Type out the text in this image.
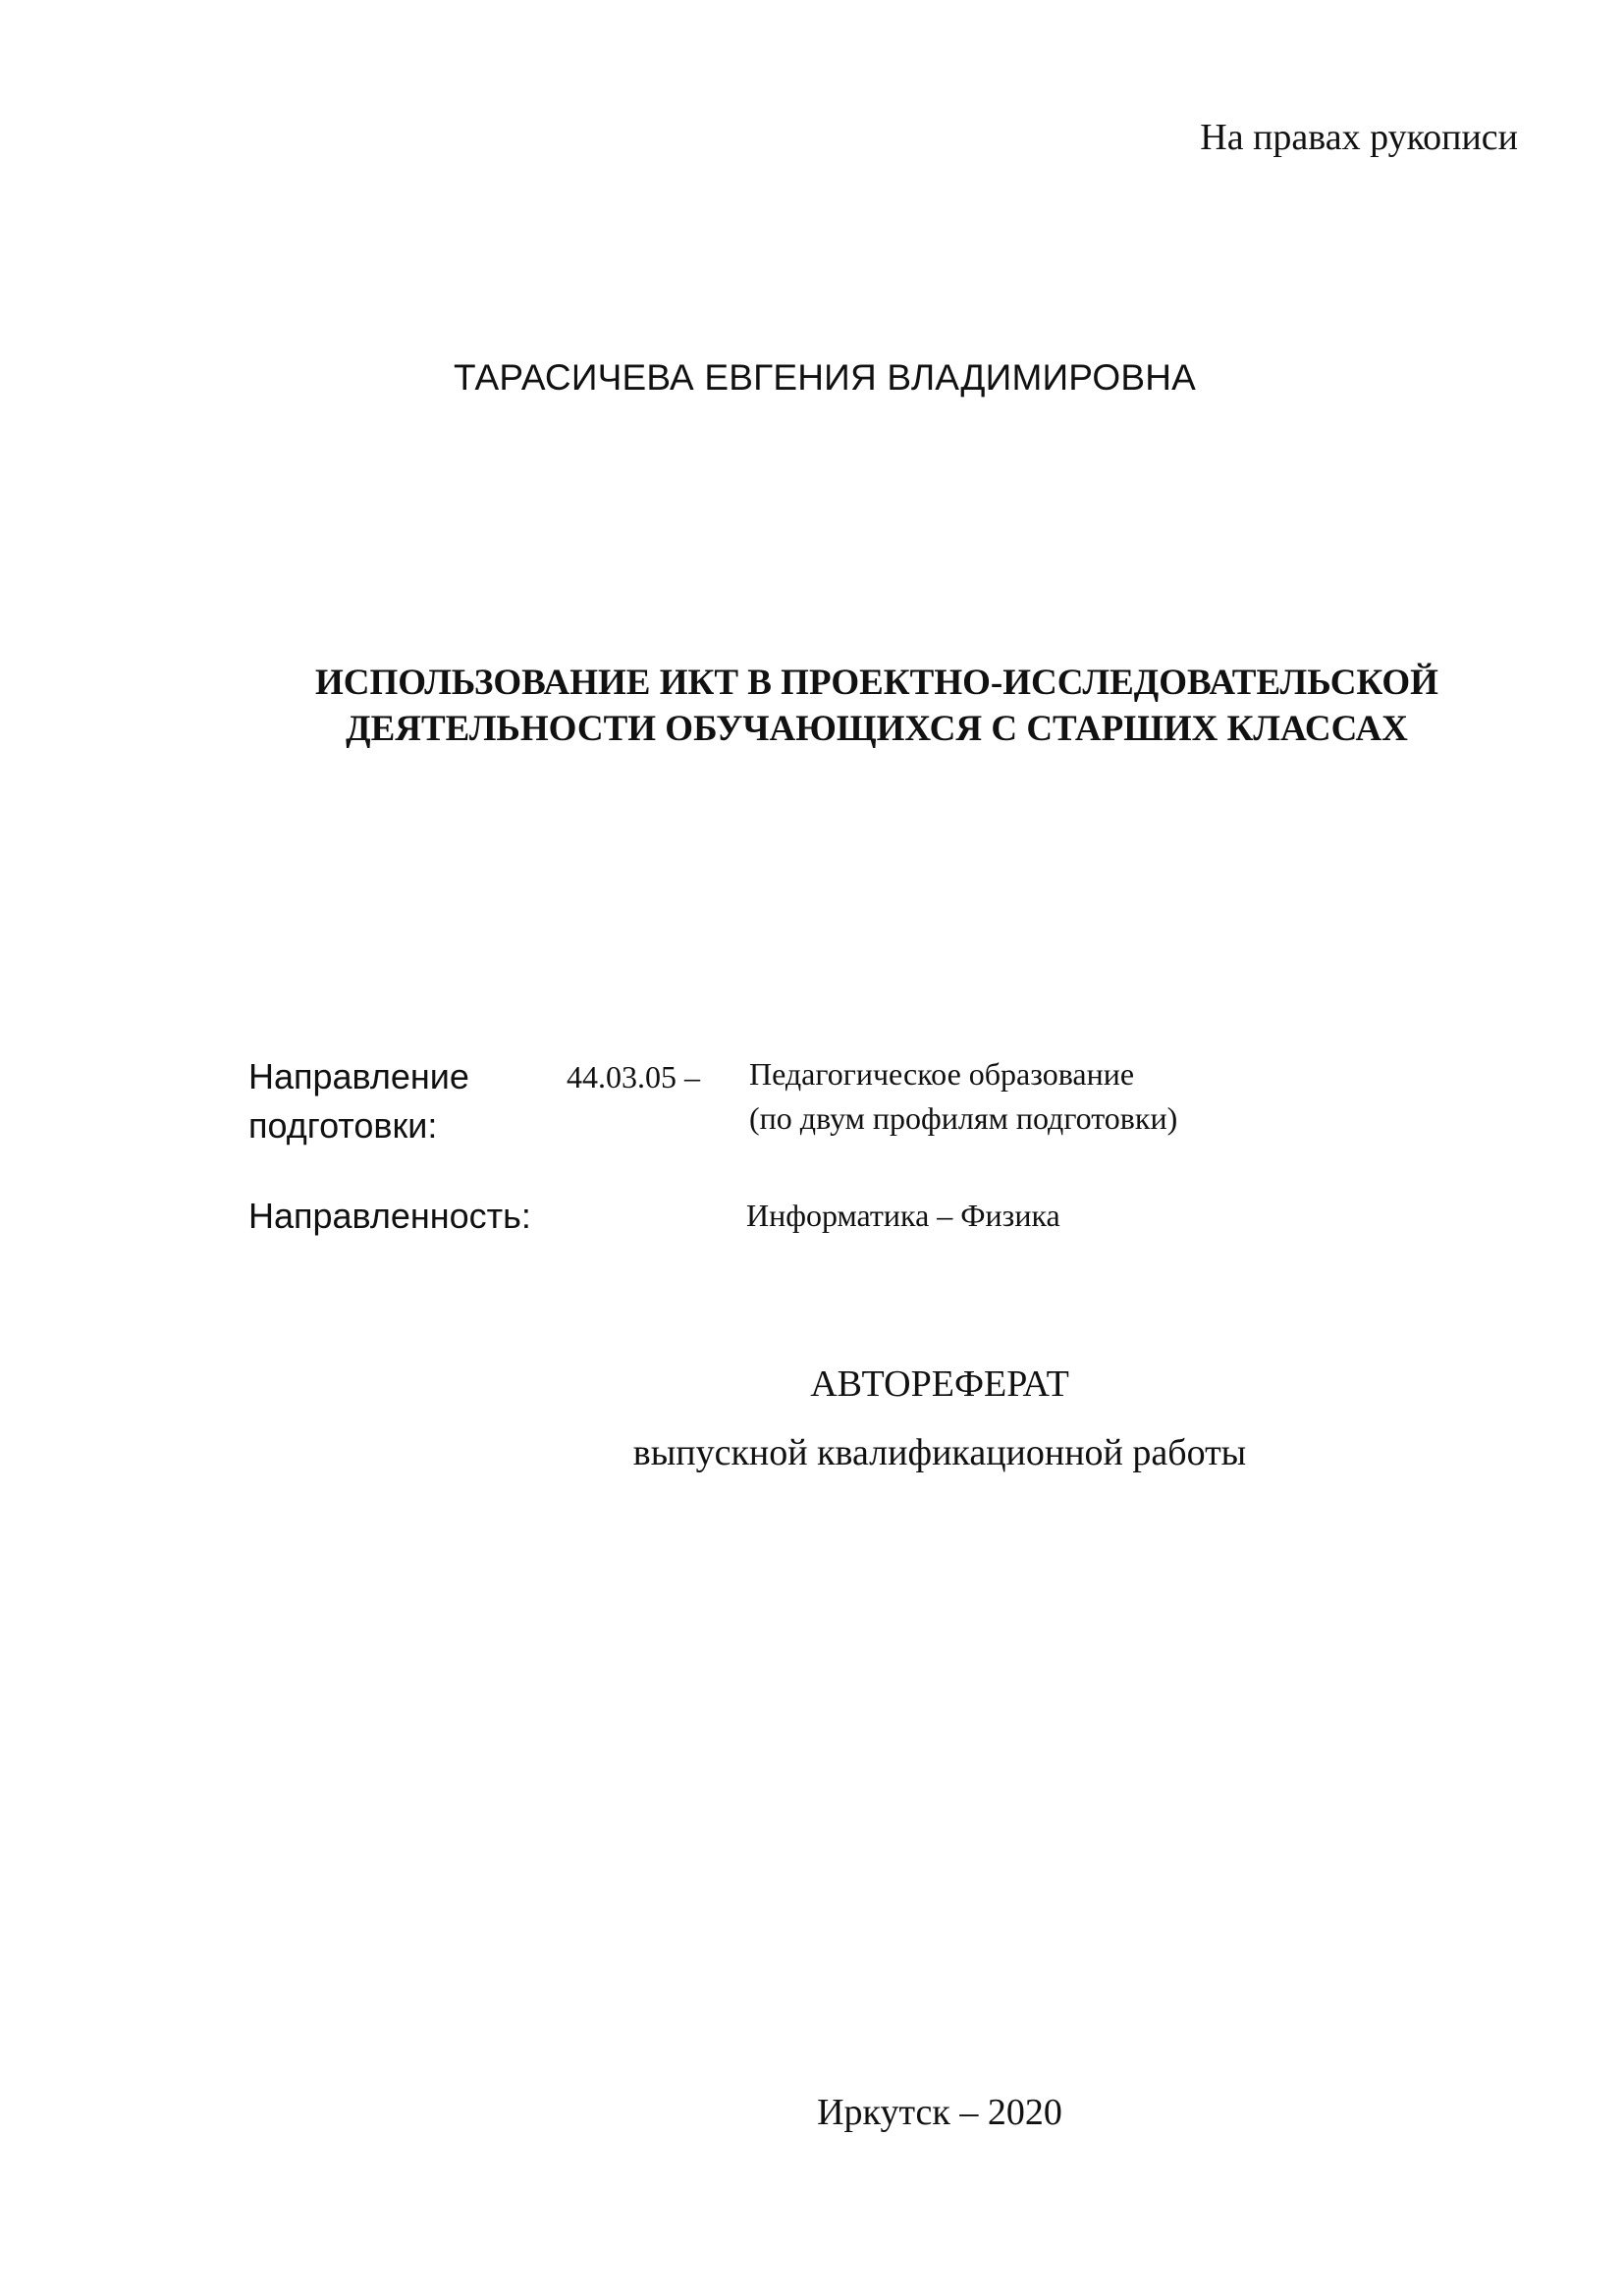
На правах рукописи
ТАРАСИЧЕВА ЕВГЕНИЯ ВЛАДИМИРОВНА
ИСПОЛЬЗОВАНИЕ ИКТ В ПРОЕКТНО-ИССЛЕДОВАТЕЛЬСКОЙ
ДЕЯТЕЛЬНОСТИ ОБУЧАЮЩИХСЯ С СТАРШИХ КЛАССАХ
Направление
подготовки:
44.03.05 – Педагогическое образование
(по двум профилям подготовки)
Направленность:	Информатика – Физика
АВТОРЕФЕРАТ
выпускной квалификационной работы
Иркутск – 2020
